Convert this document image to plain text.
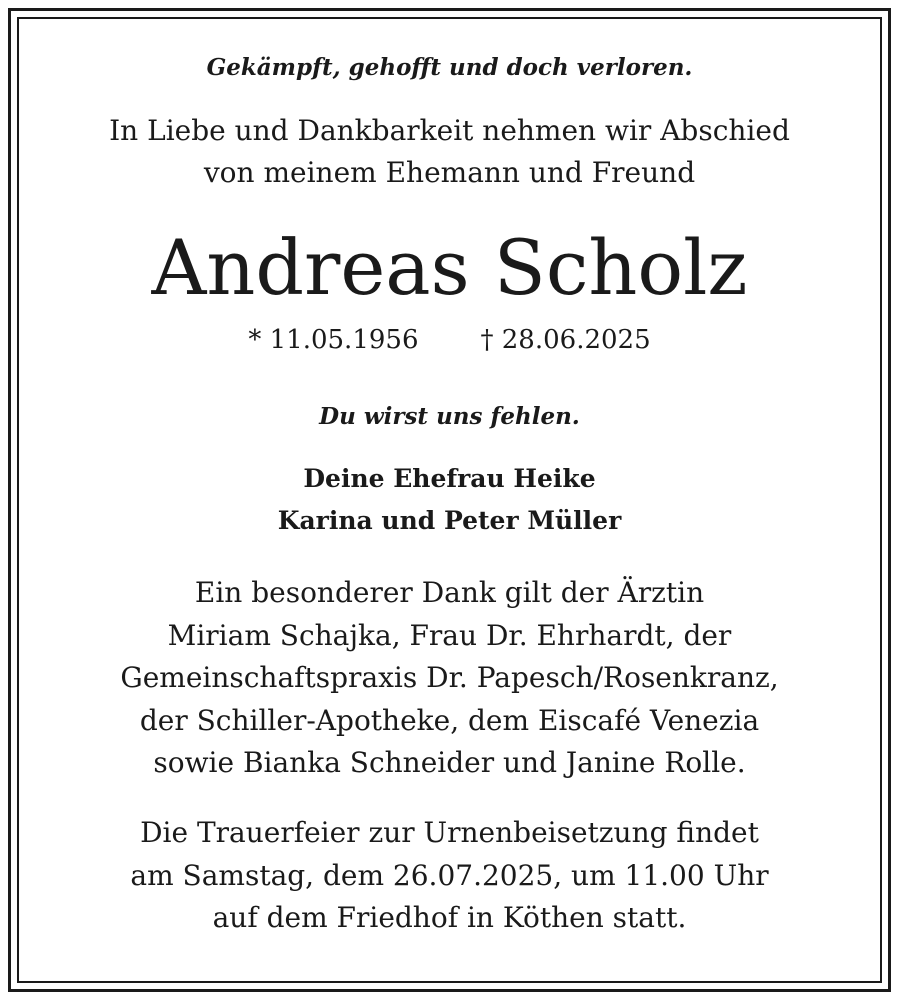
Gekämpft, gehofft und doch verloren.

In Liebe und Dankbarkeit nehmen wir Abschied

von meinem Ehemann und Freund

Andreas Scholz

* 11.05.1956 † 28.06.2025

Du wirst uns fehlen.

Deine Ehefrau Heike

Karina und Peter Müller

Ein besonderer Dank gilt der Ärztin

Miriam Schajka, Frau Dr. Ehrhardt, der

Gemeinschaftspraxis Dr. Papesch/Rosenkranz,

der Schiller-Apotheke, dem Eiscafé Venezia

sowie Bianka Schneider und Janine Rolle.

Die Trauerfeier zur Urnenbeisetzung findet

am Samstag, dem 26.07.2025, um 11.00 Uhr

auf dem Friedhof in Köthen statt.
